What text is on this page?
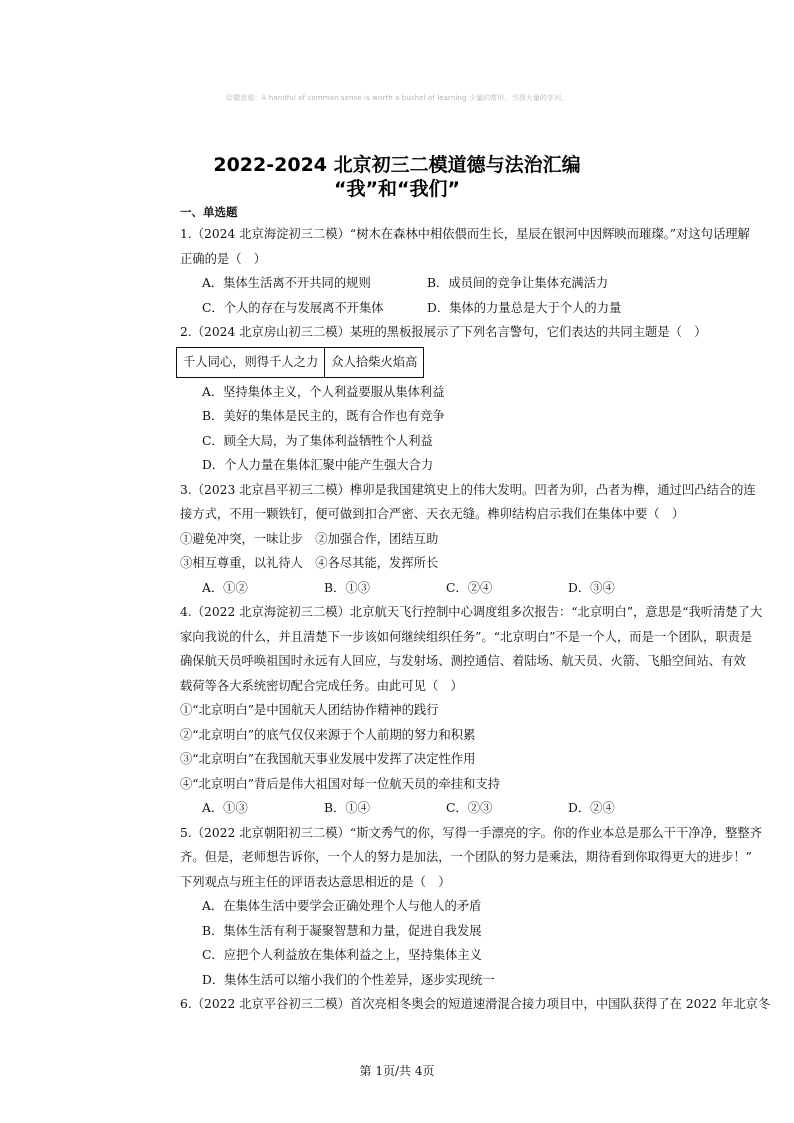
☺微思维：A handful of common sense is worth a bushel of learning 少量的常识，当得大量的学问。
2022-2024 北京初三二模道德与法治汇编
“我”和“我们”
一、单选题
1.（2024 北京海淀初三二模）“树木在森林中相依偎而生长，星辰在银河中因辉映而璀璨。”对这句话理解
正确的是（　）
A．集体生活离不开共同的规则	B．成员间的竞争让集体充满活力
C．个人的存在与发展离不开集体	D．集体的力量总是大于个人的力量
2.（2024 北京房山初三二模）某班的黑板报展示了下列名言警句，它们表达的共同主题是（　）
千人同心，则得千人之力	众人拾柴火焰高
A．坚持集体主义，个人利益要服从集体利益
B．美好的集体是民主的，既有合作也有竞争
C．顾全大局，为了集体利益牺牲个人利益
D．个人力量在集体汇聚中能产生强大合力
3.（2023 北京昌平初三二模）榫卯是我国建筑史上的伟大发明。凹者为卯，凸者为榫，通过凹凸结合的连
接方式，不用一颗铁钉，便可做到扣合严密、天衣无缝。榫卯结构启示我们在集体中要（　）
①避免冲突，一味让步　②加强合作，团结互助
③相互尊重，以礼待人　④各尽其能，发挥所长
A．①②	B．①③	C．②④	D．③④
4.（2022 北京海淀初三二模）北京航天飞行控制中心调度组多次报告：“北京明白”，意思是“我听清楚了大
家向我说的什么，并且清楚下一步该如何继续组织任务”。“北京明白”不是一个人，而是一个团队，职责是
确保航天员呼唤祖国时永远有人回应，与发射场、测控通信、着陆场、航天员、火箭、飞船空间站、有效
载荷等各大系统密切配合完成任务。由此可见（　）
①“北京明白”是中国航天人团结协作精神的践行
②“北京明白”的底气仅仅来源于个人前期的努力和积累
③“北京明白”在我国航天事业发展中发挥了决定性作用
④“北京明白”背后是伟大祖国对每一位航天员的牵挂和支持
A．①③	B．①④	C．②③	D．②④
5.（2022 北京朝阳初三二模）“斯文秀气的你，写得一手漂亮的字。你的作业本总是那么干干净净，整整齐
齐。但是，老师想告诉你，一个人的努力是加法，一个团队的努力是乘法，期待看到你取得更大的进步！”
下列观点与班主任的评语表达意思相近的是（　）
A．在集体生活中要学会正确处理个人与他人的矛盾
B．集体生活有利于凝聚智慧和力量，促进自我发展
C．应把个人利益放在集体利益之上，坚持集体主义
D．集体生活可以缩小我们的个性差异，逐步实现统一
6.（2022 北京平谷初三二模）首次亮相冬奥会的短道速滑混合接力项目中，中国队获得了在 2022 年北京冬
第 1页/共 4页
